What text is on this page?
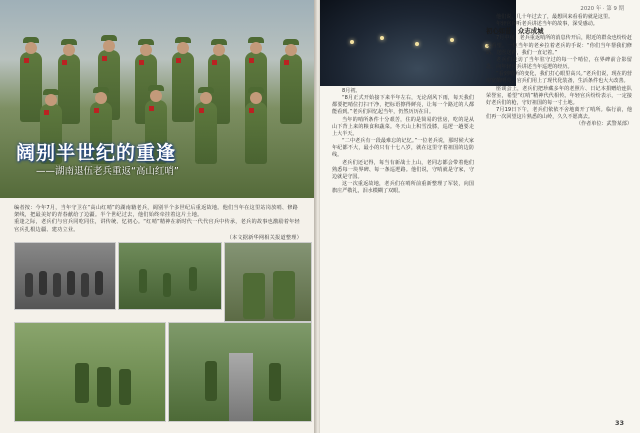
阔别半世纪的重逢
——湖南退伍老兵重返“高山红哨”
编者按：今年7月，当年守卫在“高山红哨”的湖南籍老兵，阔别半个多世纪后重返故地。他们当年在这里站岗放哨、修路架线，把最美好的青春献给了边疆。半个世纪过去，他们始终牵挂着这片土地。
重逢之际，老兵们与官兵同吃同住，讲传统、忆初心。“红哨”精神在新时代一代代官兵中传承，老兵的故事也激励着年轻官兵扎根边疆、建功立业。
（本文据新华网相关报道整理）
2020 年 · 第 9 期

8月初。

“8月正式开始接下来半年左右，无论刮风下雨，每天我们都要把哨位打扫干净，把标语擦得鲜亮，让每一个路过的人都能看到。”老兵们回忆起当年，仍然历历在目。

当年的哨所条件十分艰苦，住的是简易的营房，吃的是从山下背上来的粮食和蔬菜。冬天山上积雪没膝，巡逻一趟要走上大半天。

“二中老兵有一段最难忘的记忆。”一位老兵说，那时候大家年纪都不大，最小的只有十七八岁，就在这里守着祖国的边防线。

老兵们还记得，每当有新战士上山，老同志都会带着他们熟悉每一块界碑、每一条巡逻路。他们说，守哨就是守家，守边就是守国。

这一次重返故地，老兵们在哨所前重新整理了军装，向国旗庄严敬礼，泪水模糊了双眼。

他们说，几十年过去了，最想回来看看的就是这里。

年轻官兵听老兵讲述当年的故事，深受感动。

初心如昔，众志成城

7月中旬，老兵重返哨所的消息传开后，附近的群众也纷纷赶来看望。一位当年的老乡拉着老兵的手说：“你们当年帮我们修路、送医送药，我们一直记着。”

老兵们走访了当年驻守过的每一个哨位，在界碑前合影留念，向年轻官兵讲述当年巡逻的经历。

“看到哨所的变化，我们打心眼里高兴。”老兵们说，现在的营房宽敞明亮，官兵们用上了现代化装备，生活条件也大大改善。

座谈会上，老兵们把珍藏多年的老照片、日记本捐赠给连队荣誉室，希望“红哨”精神代代相传。年轻官兵纷纷表示，一定接好老兵们的枪，守好祖国的每一寸土地。

7月19日下午，老兵们依依不舍地离开了哨所。临行前，他们再一次回望这片熟悉的山岭，久久不愿离去。

（作者单位：武警某部）

33
